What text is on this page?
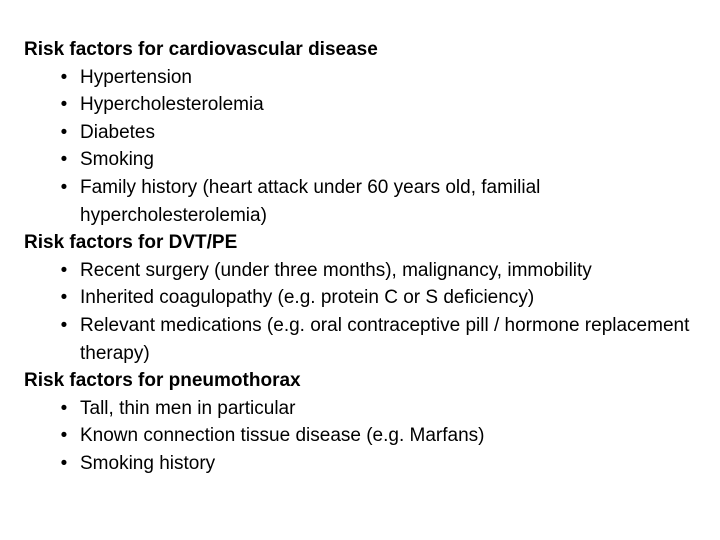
Risk factors for cardiovascular disease
• Hypertension
• Hypercholesterolemia
• Diabetes
• Smoking
• Family history (heart attack under 60 years old, familial hypercholesterolemia)
Risk factors for DVT/PE
• Recent surgery (under three months), malignancy, immobility
• Inherited coagulopathy (e.g. protein C or S deficiency)
• Relevant medications (e.g. oral contraceptive pill / hormone replacement therapy)
Risk factors for pneumothorax
• Tall, thin men in particular
• Known connection tissue disease (e.g. Marfans)
• Smoking history
